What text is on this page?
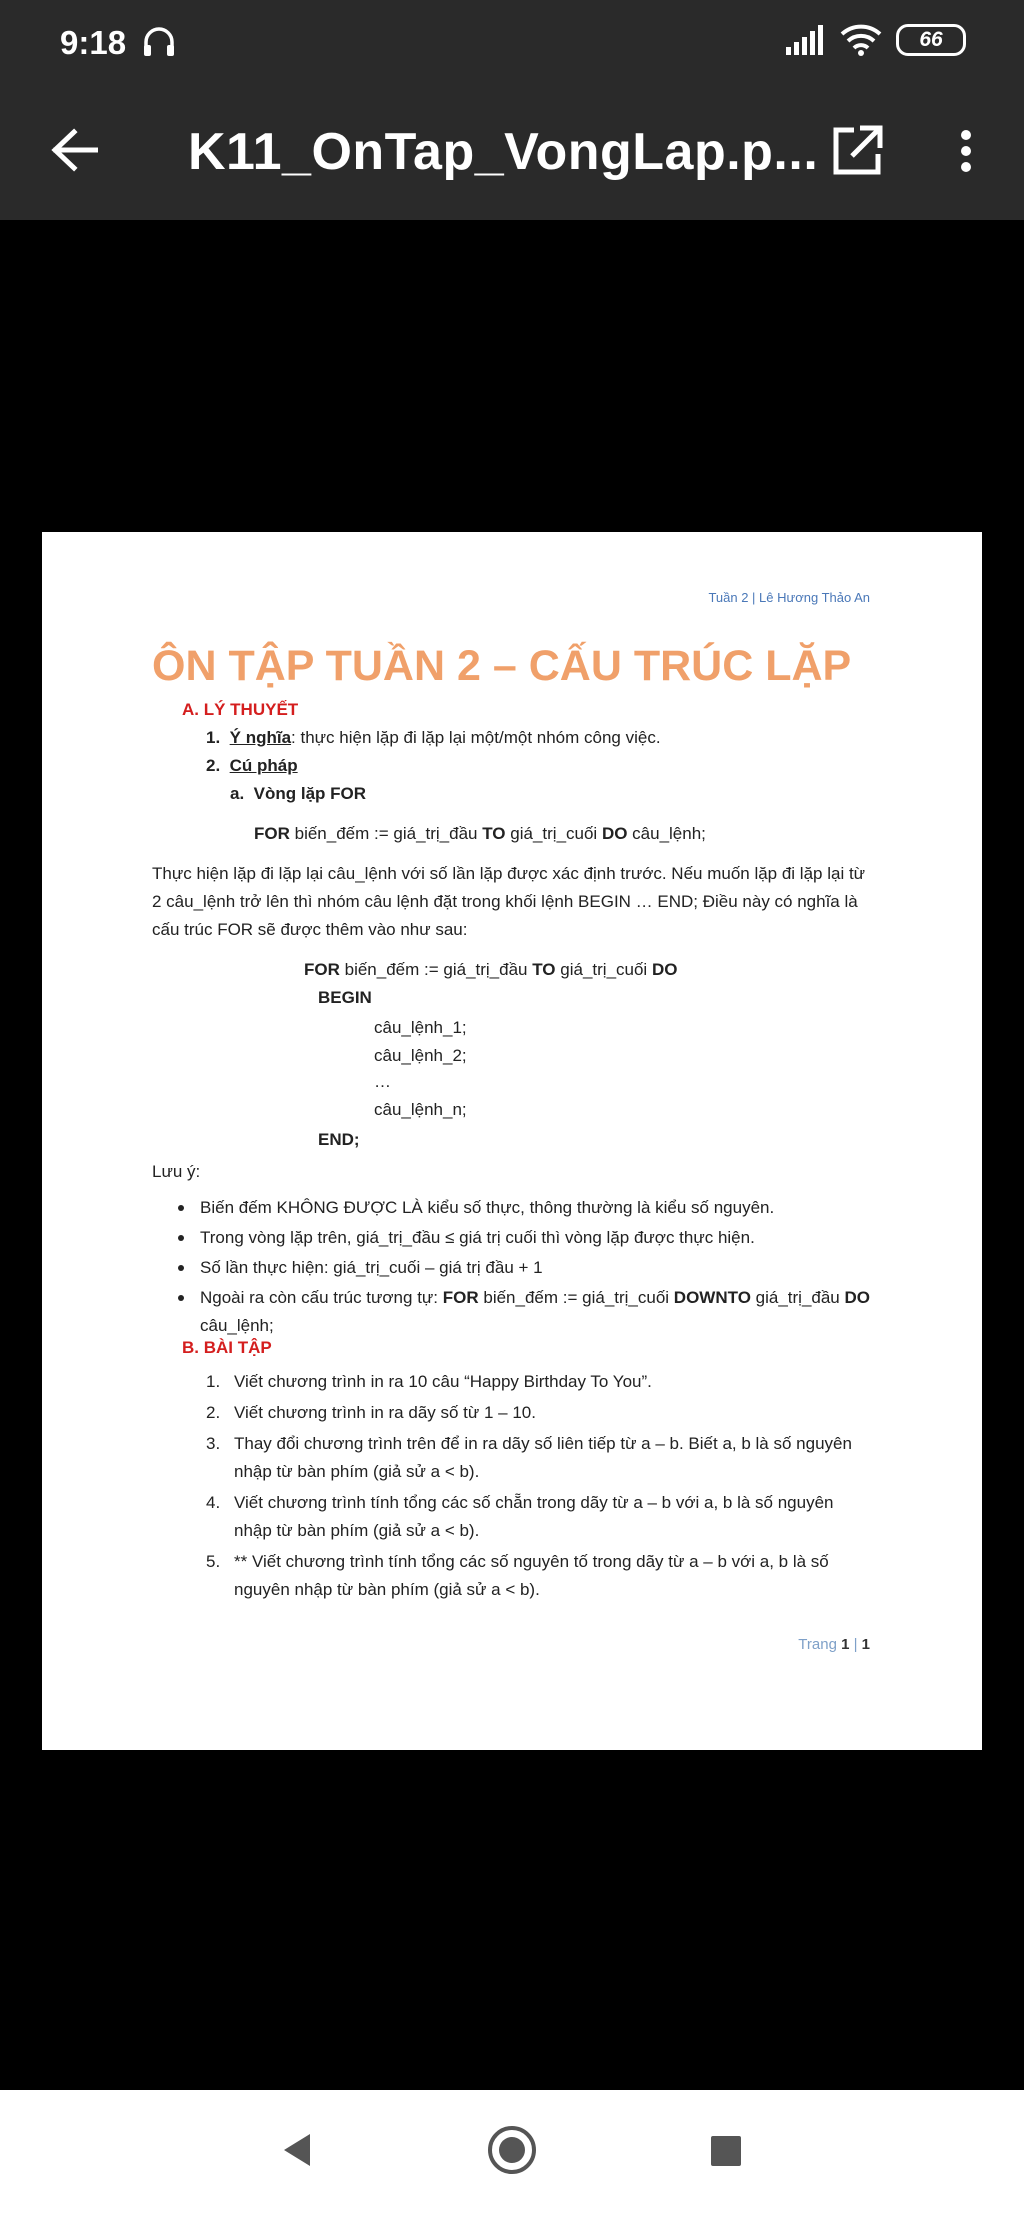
9:18	66
K11_OnTap_VongLap.p...
Tuần 2 | Lê Hương Thảo An
ÔN TẬP TUẦN 2 – CẤU TRÚC LẶP
A. LÝ THUYẾT
1. Ý nghĩa: thực hiện lặp đi lặp lại một/một nhóm công việc.
2. Cú pháp
a. Vòng lặp FOR
FOR biến_đếm := giá_trị_đầu TO giá_trị_cuối DO câu_lệnh;
Thực hiện lặp đi lặp lại câu_lệnh với số lần lặp được xác định trước. Nếu muốn lặp đi lặp lại từ 2 câu_lệnh trở lên thì nhóm câu lệnh đặt trong khối lệnh BEGIN … END; Điều này có nghĩa là cấu trúc FOR sẽ được thêm vào như sau:
FOR biến_đếm := giá_trị_đầu TO giá_trị_cuối DO
BEGIN
câu_lệnh_1;
câu_lệnh_2;
…
câu_lệnh_n;
END;
Lưu ý:
Biến đếm KHÔNG ĐƯỢC LÀ kiểu số thực, thông thường là kiểu số nguyên.
Trong vòng lặp trên, giá_trị_đầu ≤ giá trị cuối thì vòng lặp được thực hiện.
Số lần thực hiện: giá_trị_cuối – giá trị đầu + 1
Ngoài ra còn cấu trúc tương tự: FOR biến_đếm := giá_trị_cuối DOWNTO giá_trị_đầu DO câu_lệnh;
B. BÀI TẬP
1. Viết chương trình in ra 10 câu “Happy Birthday To You”.
2. Viết chương trình in ra dãy số từ 1 – 10.
3. Thay đổi chương trình trên để in ra dãy số liên tiếp từ a – b. Biết a, b là số nguyên nhập từ bàn phím (giả sử a < b).
4. Viết chương trình tính tổng các số chẵn trong dãy từ a – b với a, b là số nguyên nhập từ bàn phím (giả sử a < b).
5. ** Viết chương trình tính tổng các số nguyên tố trong dãy từ a – b với a, b là số nguyên nhập từ bàn phím (giả sử a < b).
Trang 1 | 1
